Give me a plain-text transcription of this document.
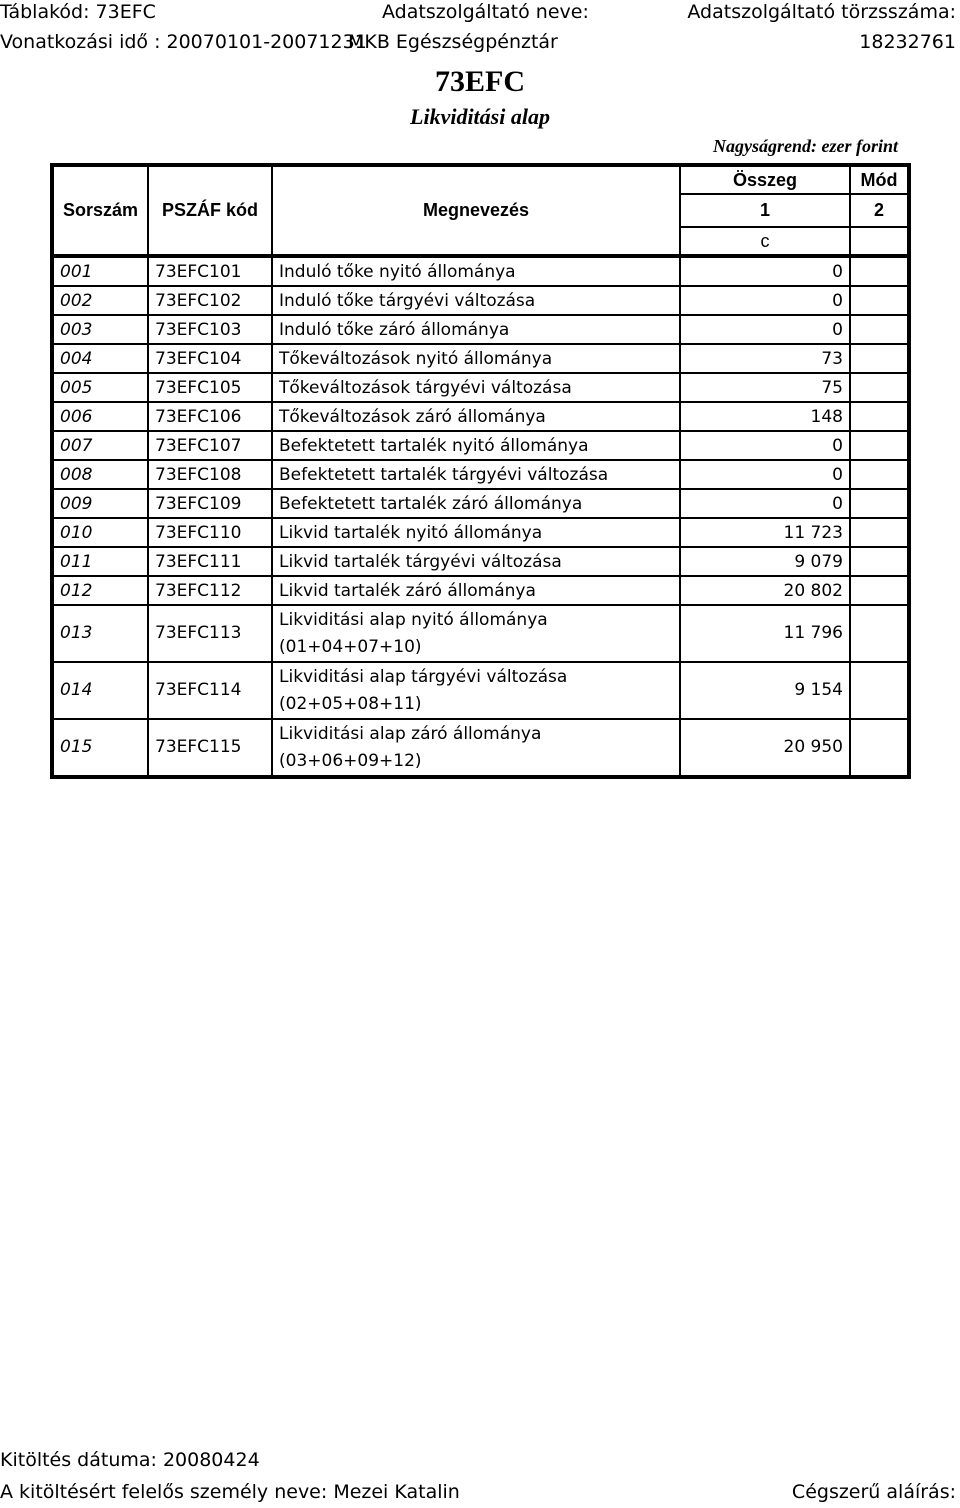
Táblakód: 73EFC	Adatszolgáltató neve:	Adatszolgáltató törzsszáma:
Vonatkozási idő : 20070101-20071231
MKB Egészségpénztár	18232761
73EFC
Likviditási alap
Nagyságrend: ezer forint
Sorszám	PSZÁF kód	Megnevezés	Összeg	Mód
			1	2
			c	
001	73EFC101	Induló tőke nyitó állománya	0	
002	73EFC102	Induló tőke tárgyévi változása	0	
003	73EFC103	Induló tőke záró állománya	0	
004	73EFC104	Tőkeváltozások nyitó állománya	73	
005	73EFC105	Tőkeváltozások tárgyévi változása	75	
006	73EFC106	Tőkeváltozások záró állománya	148	
007	73EFC107	Befektetett tartalék nyitó állománya	0	
008	73EFC108	Befektetett tartalék tárgyévi változása	0	
009	73EFC109	Befektetett tartalék záró állománya	0	
010	73EFC110	Likvid tartalék nyitó állománya	11 723	
011	73EFC111	Likvid tartalék tárgyévi változása	9 079	
012	73EFC112	Likvid tartalék záró állománya	20 802	
013	73EFC113	Likviditási alap nyitó állománya
(01+04+07+10)	11 796	
014	73EFC114	Likviditási alap tárgyévi változása
(02+05+08+11)	9 154	
015	73EFC115	Likviditási alap záró állománya
(03+06+09+12)	20 950	
Kitöltés dátuma: 20080424
A kitöltésért felelős személy neve: Mezei Katalin	Cégszerű aláírás:
